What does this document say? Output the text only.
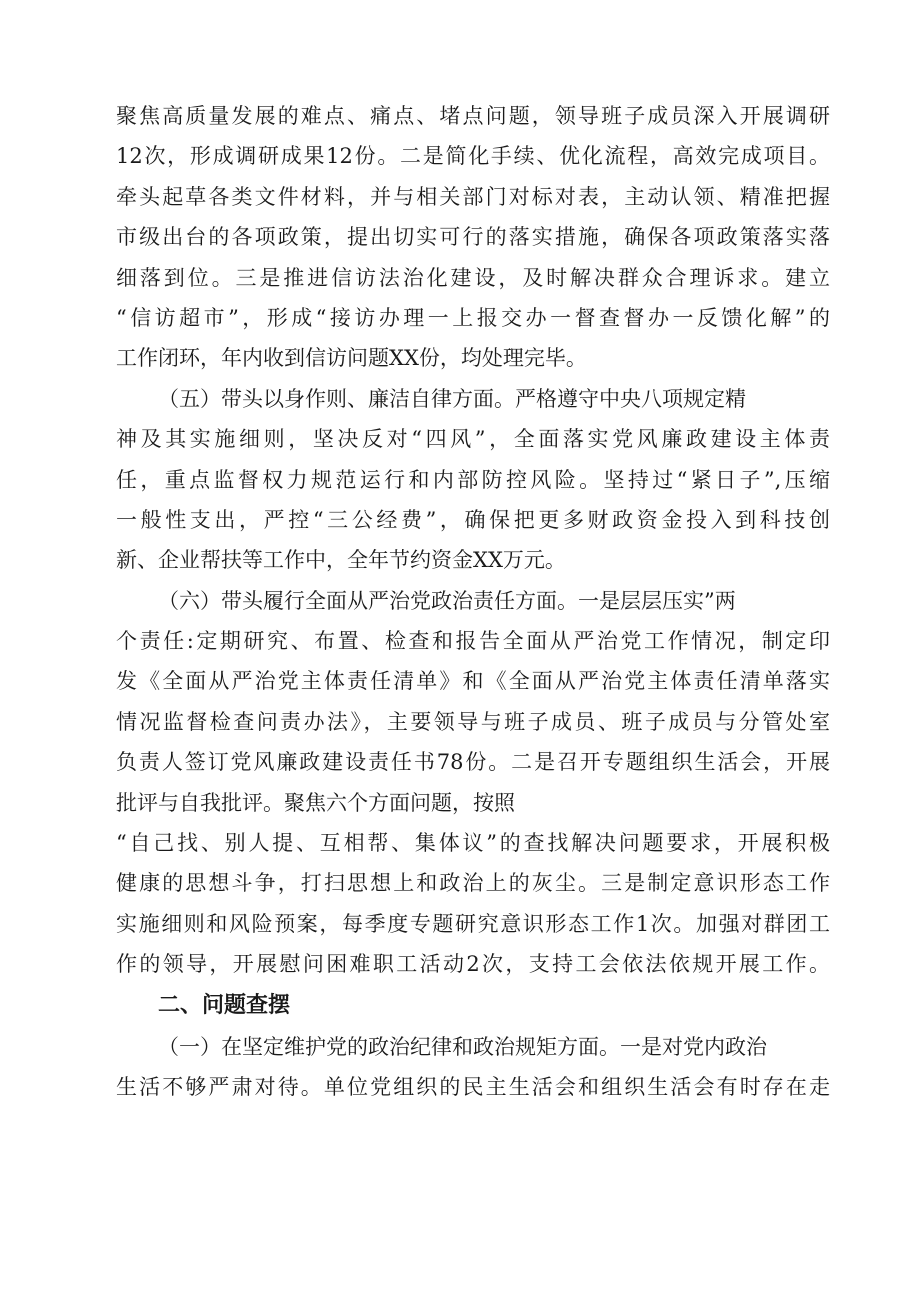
聚焦高质量发展的难点、痛点、堵点问题，领导班子成员深入开展调研
12次，形成调研成果12份。二是简化手续、优化流程，高效完成项目。
牵头起草各类文件材料，并与相关部门对标对表，主动认领、精准把握
市级出台的各项政策，提出切实可行的落实措施，确保各项政策落实落
细落到位。三是推进信访法治化建设，及时解决群众合理诉求。建立
“信访超市”，形成“接访办理一上报交办一督查督办一反馈化解”的
工作闭环，年内收到信访问题XX份，均处理完毕。
（五）带头以身作则、廉洁自律方面。严格遵守中央八项规定精
神及其实施细则，坚决反对“四风”，全面落实党风廉政建设主体责
任，重点监督权力规范运行和内部防控风险。坚持过“紧日子”,压缩
一般性支出，严控“三公经费”，确保把更多财政资金投入到科技创
新、企业帮扶等工作中，全年节约资金XX万元。
（六）带头履行全面从严治党政治责任方面。一是层层压实”两
个责任:定期研究、布置、检查和报告全面从严治党工作情况，制定印
发《全面从严治党主体责任清单》和《全面从严治党主体责任清单落实
情况监督检查问责办法》，主要领导与班子成员、班子成员与分管处室
负责人签订党风廉政建设责任书78份。二是召开专题组织生活会，开展
批评与自我批评。聚焦六个方面问题，按照
“自己找、别人提、互相帮、集体议”的查找解决问题要求，开展积极
健康的思想斗争，打扫思想上和政治上的灰尘。三是制定意识形态工作
实施细则和风险预案，每季度专题研究意识形态工作1次。加强对群团工
作的领导，开展慰问困难职工活动2次，支持工会依法依规开展工作。
二、问题查摆
（一）在坚定维护党的政治纪律和政治规矩方面。一是对党内政治
生活不够严肃对待。单位党组织的民主生活会和组织生活会有时存在走
